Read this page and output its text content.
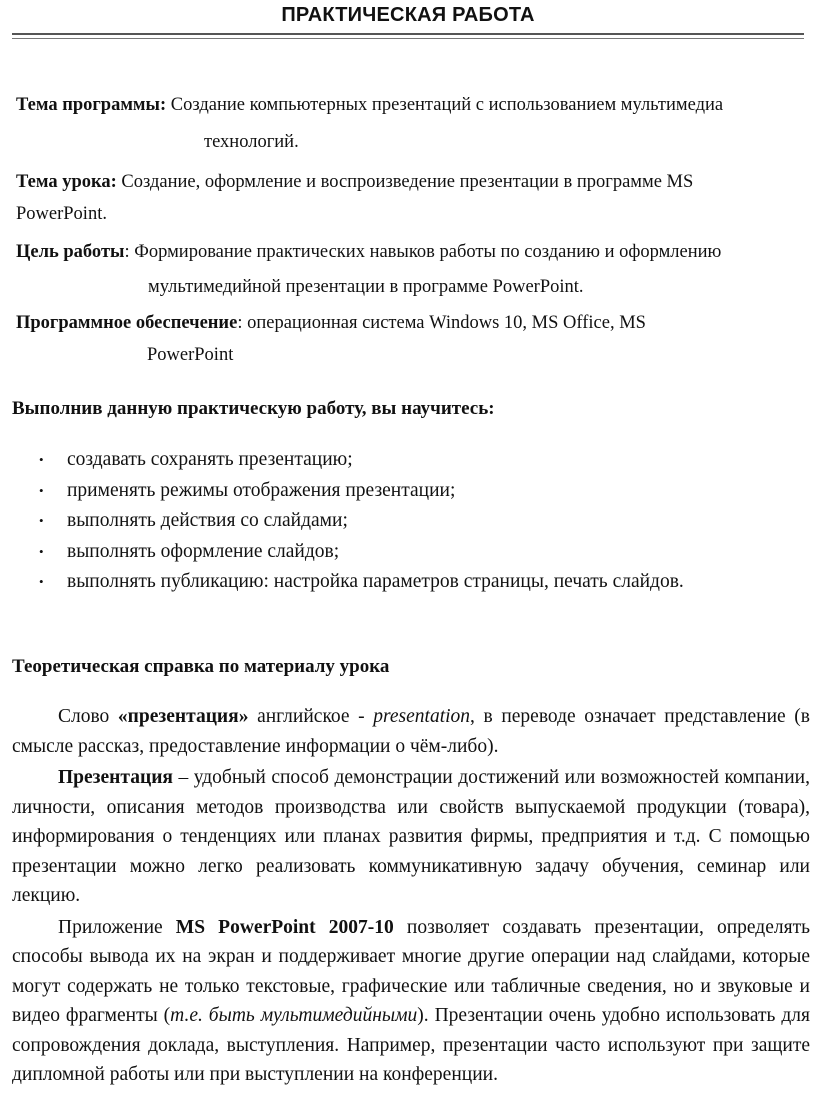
ПРАКТИЧЕСКАЯ РАБОТА
Тема программы: Создание компьютерных презентаций с использованием мультимедиа
технологий.
Тема урока: Создание, оформление и воспроизведение презентации в программе MS
PowerPoint.
Цель работы: Формирование практических навыков работы по созданию и оформлению
мультимедийной презентации в программе PowerPoint.
Программное обеспечение: операционная система Windows 10, MS Office, MS
PowerPoint
Выполнив данную практическую работу, вы научитесь:
• создавать сохранять презентацию;
• применять режимы отображения презентации;
• выполнять действия со слайдами;
• выполнять оформление слайдов;
• выполнять публикацию: настройка параметров страницы, печать слайдов.
Теоретическая справка по материалу урока

Слово «презентация» английское - presentation, в переводе означает представление (в смысле рассказ, предоставление информации о чём-либо).

Презентация – удобный способ демонстрации достижений или возможностей компании, личности, описания методов производства или свойств выпускаемой продукции (товара), информирования о тенденциях или планах развития фирмы, предприятия и т.д. С помощью презентации можно легко реализовать коммуникативную задачу обучения, семинар или лекцию.

Приложение MS PowerPoint 2007-10 позволяет создавать презентации, определять способы вывода их на экран и поддерживает многие другие операции над слайдами, которые могут содержать не только текстовые, графические или табличные сведения, но и звуковые и видео фрагменты (т.е. быть мультимедийными). Презентации очень удобно использовать для сопровождения доклада, выступления. Например, презентации часто используют при защите дипломной работы или при выступлении на конференции.
